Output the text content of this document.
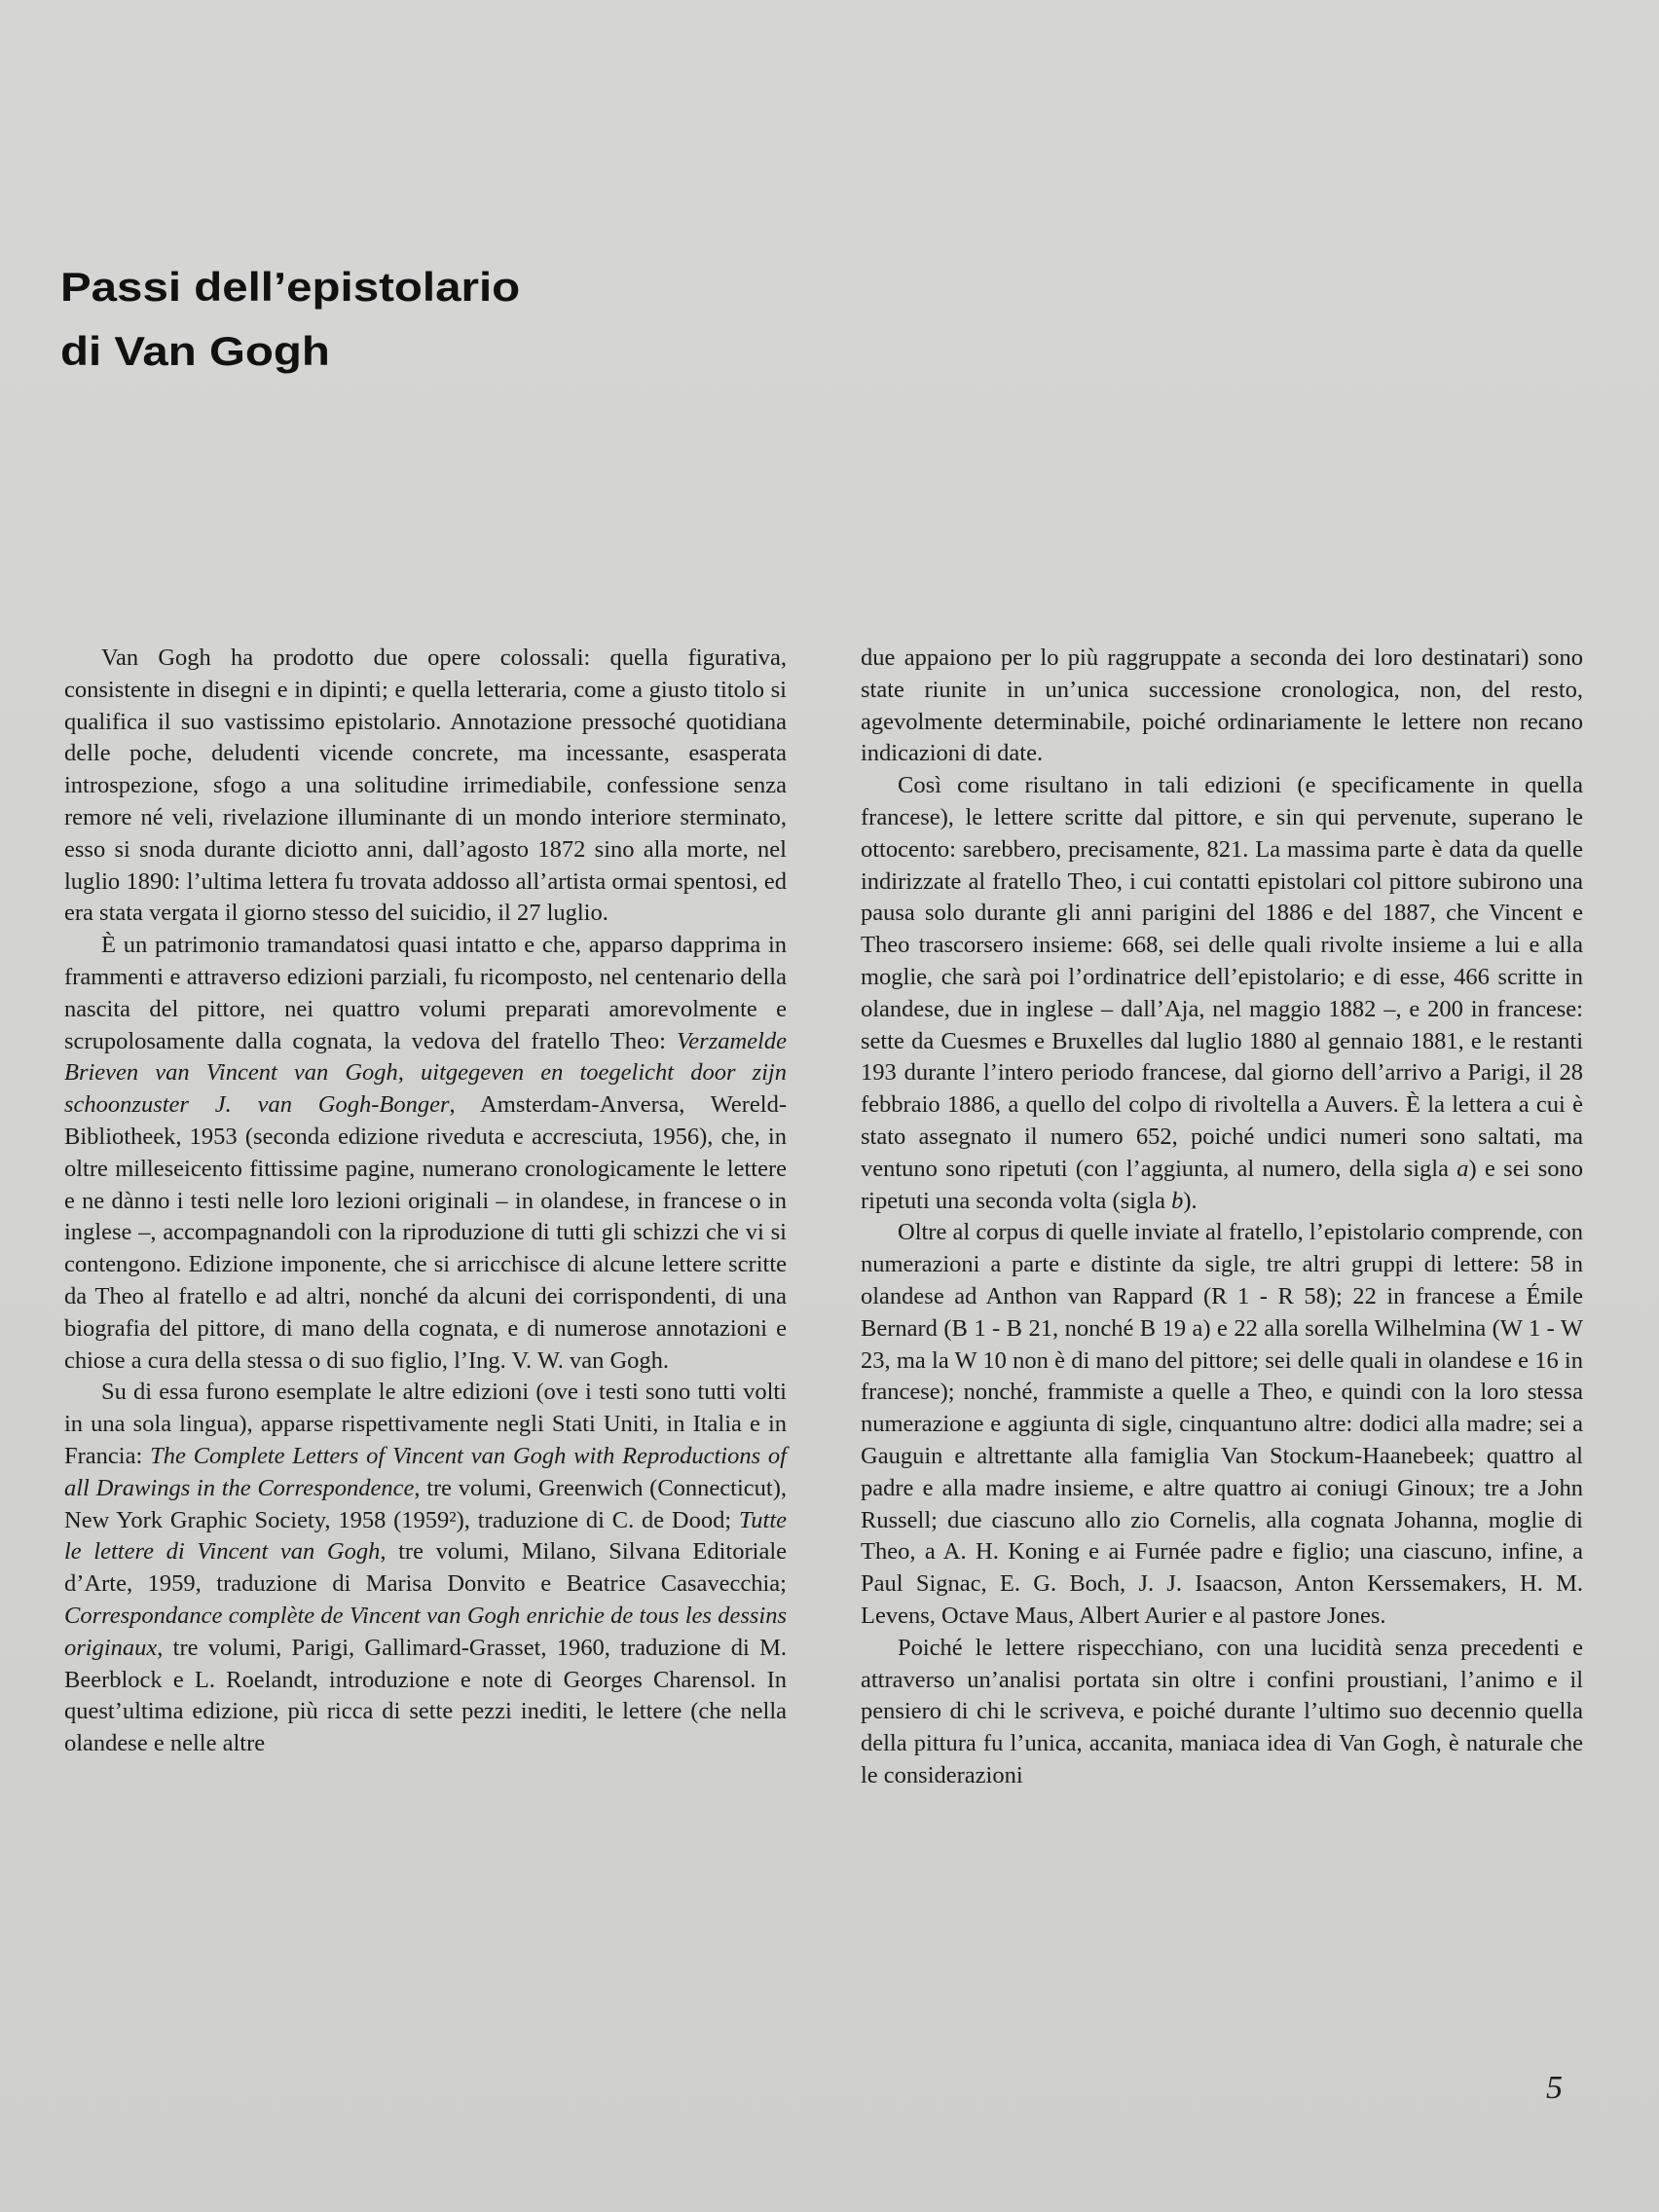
Passi dell’epistolario
di Van Gogh

Van Gogh ha prodotto due opere colossali: quella figurativa, consistente in disegni e in dipinti; e quella letteraria, come a giusto titolo si qualifica il suo vastissimo epistolario. Annotazione pressoché quotidiana delle poche, deludenti vicende concrete, ma incessante, esasperata introspezione, sfogo a una solitudine irrimediabile, confessione senza remore né veli, rivelazione illuminante di un mondo interiore sterminato, esso si snoda durante diciotto anni, dall’agosto 1872 sino alla morte, nel luglio 1890: l’ultima lettera fu trovata addosso all’artista ormai spentosi, ed era stata vergata il giorno stesso del suicidio, il 27 luglio.

È un patrimonio tramandatosi quasi intatto e che, apparso dapprima in frammenti e attraverso edizioni parziali, fu ricomposto, nel centenario della nascita del pittore, nei quattro volumi preparati amorevolmente e scrupolosamente dalla cognata, la vedova del fratello Theo: Verzamelde Brieven van Vincent van Gogh, uitgegeven en toegelicht door zijn schoonzuster J. van Gogh-Bonger, Amsterdam-Anversa, Wereld-Bibliotheek, 1953 (seconda edizione riveduta e accresciuta, 1956), che, in oltre milleseicento fittissime pagine, numerano cronologicamente le lettere e ne dànno i testi nelle loro lezioni originali – in olandese, in francese o in inglese –, accompagnandoli con la riproduzione di tutti gli schizzi che vi si contengono. Edizione imponente, che si arricchisce di alcune lettere scritte da Theo al fratello e ad altri, nonché da alcuni dei corrispondenti, di una biografia del pittore, di mano della cognata, e di numerose annotazioni e chiose a cura della stessa o di suo figlio, l’Ing. V. W. van Gogh.

Su di essa furono esemplate le altre edizioni (ove i testi sono tutti volti in una sola lingua), apparse rispettivamente negli Stati Uniti, in Italia e in Francia: The Complete Letters of Vincent van Gogh with Reproductions of all Drawings in the Correspondence, tre volumi, Greenwich (Connecticut), New York Graphic Society, 1958 (1959²), traduzione di C. de Dood; Tutte le lettere di Vincent van Gogh, tre volumi, Milano, Silvana Editoriale d’Arte, 1959, traduzione di Marisa Donvito e Beatrice Casavecchia; Correspondance complète de Vincent van Gogh enrichie de tous les dessins originaux, tre volumi, Parigi, Gallimard-Grasset, 1960, traduzione di M. Beerblock e L. Roelandt, introduzione e note di Georges Charensol. In quest’ultima edizione, più ricca di sette pezzi inediti, le lettere (che nella olandese e nelle altre

due appaiono per lo più raggruppate a seconda dei loro destinatari) sono state riunite in un’unica successione cronologica, non, del resto, agevolmente determinabile, poiché ordinariamente le lettere non recano indicazioni di date.

Così come risultano in tali edizioni (e specificamente in quella francese), le lettere scritte dal pittore, e sin qui pervenute, superano le ottocento: sarebbero, precisamente, 821. La massima parte è data da quelle indirizzate al fratello Theo, i cui contatti epistolari col pittore subirono una pausa solo durante gli anni parigini del 1886 e del 1887, che Vincent e Theo trascorsero insieme: 668, sei delle quali rivolte insieme a lui e alla moglie, che sarà poi l’ordinatrice dell’epistolario; e di esse, 466 scritte in olandese, due in inglese – dall’Aja, nel maggio 1882 –, e 200 in francese: sette da Cuesmes e Bruxelles dal luglio 1880 al gennaio 1881, e le restanti 193 durante l’intero periodo francese, dal giorno dell’arrivo a Parigi, il 28 febbraio 1886, a quello del colpo di rivoltella a Auvers. È la lettera a cui è stato assegnato il numero 652, poiché undici numeri sono saltati, ma ventuno sono ripetuti (con l’aggiunta, al numero, della sigla a) e sei sono ripetuti una seconda volta (sigla b).

Oltre al corpus di quelle inviate al fratello, l’epistolario comprende, con numerazioni a parte e distinte da sigle, tre altri gruppi di lettere: 58 in olandese ad Anthon van Rappard (R 1 - R 58); 22 in francese a Émile Bernard (B 1 - B 21, nonché B 19 a) e 22 alla sorella Wilhelmina (W 1 - W 23, ma la W 10 non è di mano del pittore; sei delle quali in olandese e 16 in francese); nonché, frammiste a quelle a Theo, e quindi con la loro stessa numerazione e aggiunta di sigle, cinquantuno altre: dodici alla madre; sei a Gauguin e altrettante alla famiglia Van Stockum-Haanebeek; quattro al padre e alla madre insieme, e altre quattro ai coniugi Ginoux; tre a John Russell; due ciascuno allo zio Cornelis, alla cognata Johanna, moglie di Theo, a A. H. Koning e ai Furnée padre e figlio; una ciascuno, infine, a Paul Signac, E. G. Boch, J. J. Isaacson, Anton Kerssemakers, H. M. Levens, Octave Maus, Albert Aurier e al pastore Jones.

Poiché le lettere rispecchiano, con una lucidità senza precedenti e attraverso un’analisi portata sin oltre i confini proustiani, l’animo e il pensiero di chi le scriveva, e poiché durante l’ultimo suo decennio quella della pittura fu l’unica, accanita, maniaca idea di Van Gogh, è naturale che le considerazioni

5
